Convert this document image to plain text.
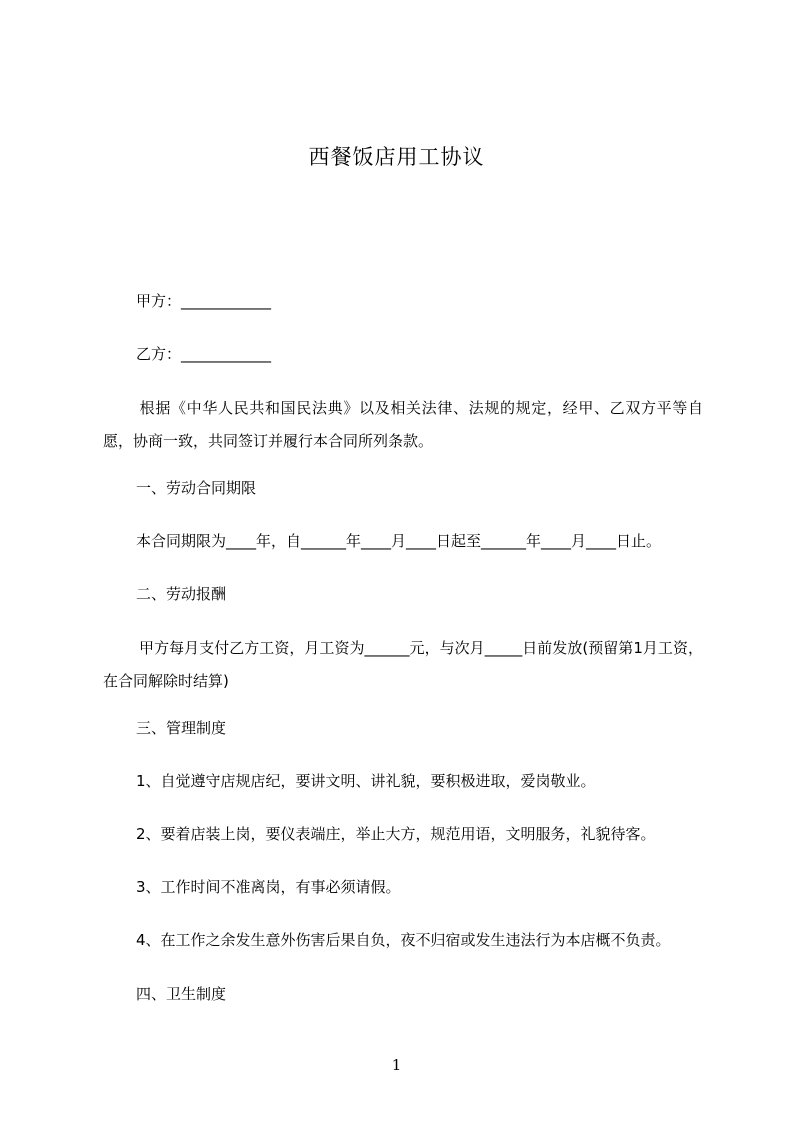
西餐饭店用工协议
甲方：____________
乙方：____________
根据《中华人民共和国民法典》以及相关法律、法规的规定，经甲、乙双方平等自愿，协商一致，共同签订并履行本合同所列条款。
一、劳动合同期限
本合同期限为____年，自______年____月____日起至______年____月____日止。
二、劳动报酬
甲方每月支付乙方工资，月工资为______元，与次月_____日前发放(预留第1月工资，在合同解除时结算)
三、管理制度
1、自觉遵守店规店纪，要讲文明、讲礼貌，要积极进取，爱岗敬业。
2、要着店装上岗，要仪表端庄，举止大方，规范用语，文明服务，礼貌待客。
3、工作时间不准离岗，有事必须请假。
4、在工作之余发生意外伤害后果自负，夜不归宿或发生违法行为本店概不负责。
四、卫生制度
1
